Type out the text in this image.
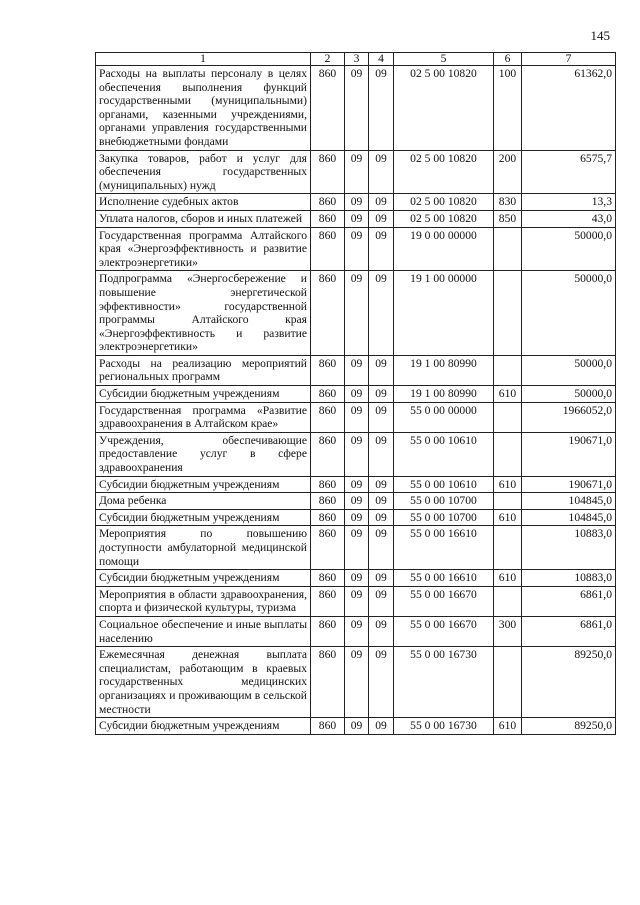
145
1	2	3	4	5	6	7
Расходы на выплаты персоналу в целях обеспечения выполнения функций государственными (муниципальными) органами, казенными учреждениями, органами управления государственными внебюджетными фондами	860	09	09	02 5 00 10820	100	61362,0
Закупка товаров, работ и услуг для обеспечения государственных (муниципальных) нужд	860	09	09	02 5 00 10820	200	6575,7
Исполнение судебных актов	860	09	09	02 5 00 10820	830	13,3
Уплата налогов, сборов и иных платежей	860	09	09	02 5 00 10820	850	43,0
Государственная программа Алтайского края «Энергоэффективность и развитие электроэнергетики»	860	09	09	19 0 00 00000		50000,0
Подпрограмма «Энергосбережение и повышение энергетической эффективности» государственной программы Алтайского края «Энергоэффективность и развитие электроэнергетики»	860	09	09	19 1 00 00000		50000,0
Расходы на реализацию мероприятий региональных программ	860	09	09	19 1 00 80990		50000,0
Субсидии бюджетным учреждениям	860	09	09	19 1 00 80990	610	50000,0
Государственная программа «Развитие здравоохранения в Алтайском крае»	860	09	09	55 0 00 00000		1966052,0
Учреждения, обеспечивающие предоставление услуг в сфере здравоохранения	860	09	09	55 0 00 10610		190671,0
Субсидии бюджетным учреждениям	860	09	09	55 0 00 10610	610	190671,0
Дома ребенка	860	09	09	55 0 00 10700		104845,0
Субсидии бюджетным учреждениям	860	09	09	55 0 00 10700	610	104845,0
Мероприятия по повышению доступности амбулаторной медицинской помощи	860	09	09	55 0 00 16610		10883,0
Субсидии бюджетным учреждениям	860	09	09	55 0 00 16610	610	10883,0
Мероприятия в области здравоохранения, спорта и физической культуры, туризма	860	09	09	55 0 00 16670		6861,0
Социальное обеспечение и иные выплаты населению	860	09	09	55 0 00 16670	300	6861,0
Ежемесячная денежная выплата специалистам, работающим в краевых государственных медицинских организациях и проживающим в сельской местности	860	09	09	55 0 00 16730		89250,0
Субсидии бюджетным учреждениям	860	09	09	55 0 00 16730	610	89250,0
